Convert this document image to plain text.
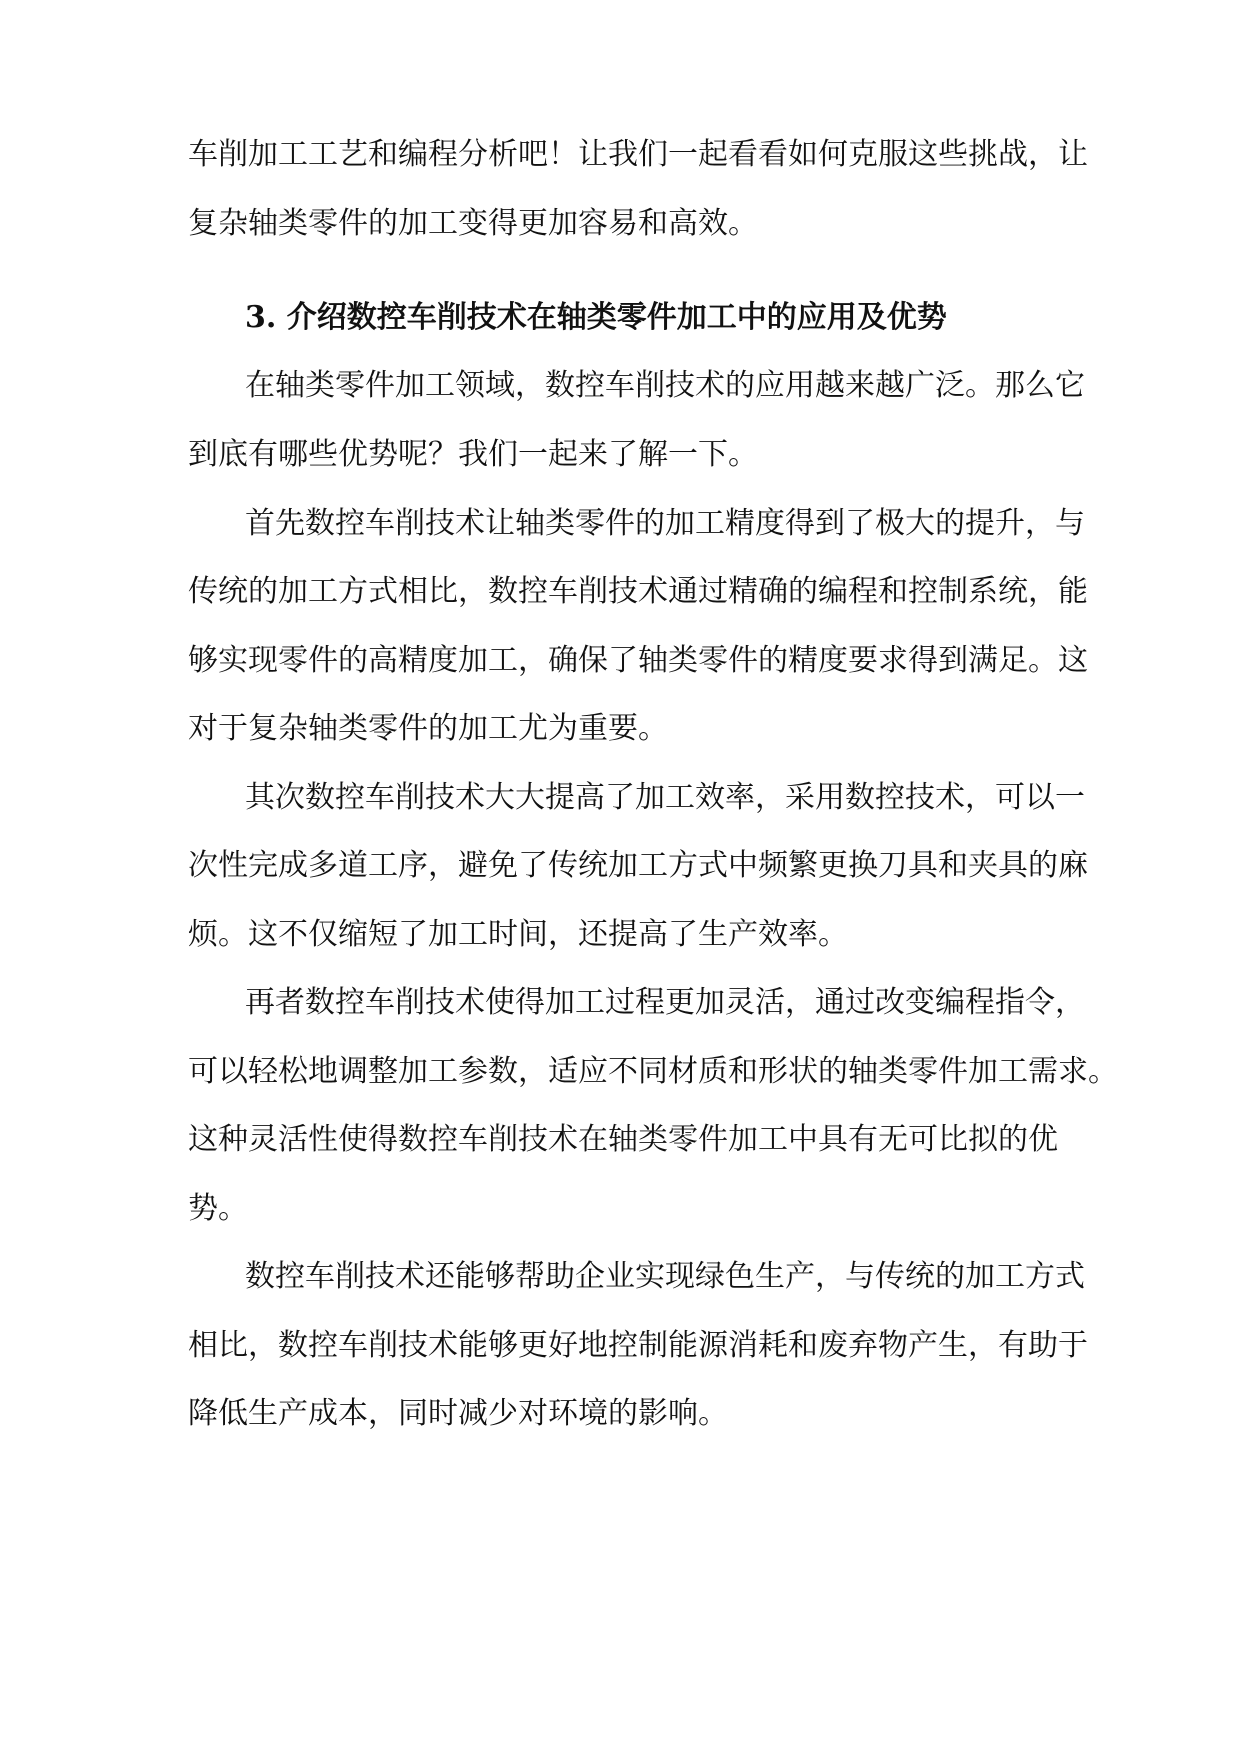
车削加工工艺和编程分析吧！让我们一起看看如何克服这些挑战，让
复杂轴类零件的加工变得更加容易和高效。
3. 介绍数控车削技术在轴类零件加工中的应用及优势
在轴类零件加工领域，数控车削技术的应用越来越广泛。那么它
到底有哪些优势呢？我们一起来了解一下。
首先数控车削技术让轴类零件的加工精度得到了极大的提升，与
传统的加工方式相比，数控车削技术通过精确的编程和控制系统，能
够实现零件的高精度加工，确保了轴类零件的精度要求得到满足。这
对于复杂轴类零件的加工尤为重要。
其次数控车削技术大大提高了加工效率，采用数控技术，可以一
次性完成多道工序，避免了传统加工方式中频繁更换刀具和夹具的麻
烦。这不仅缩短了加工时间，还提高了生产效率。
再者数控车削技术使得加工过程更加灵活，通过改变编程指令，
可以轻松地调整加工参数，适应不同材质和形状的轴类零件加工需求。
这种灵活性使得数控车削技术在轴类零件加工中具有无可比拟的优
势。
数控车削技术还能够帮助企业实现绿色生产，与传统的加工方式
相比，数控车削技术能够更好地控制能源消耗和废弃物产生，有助于
降低生产成本，同时减少对环境的影响。
